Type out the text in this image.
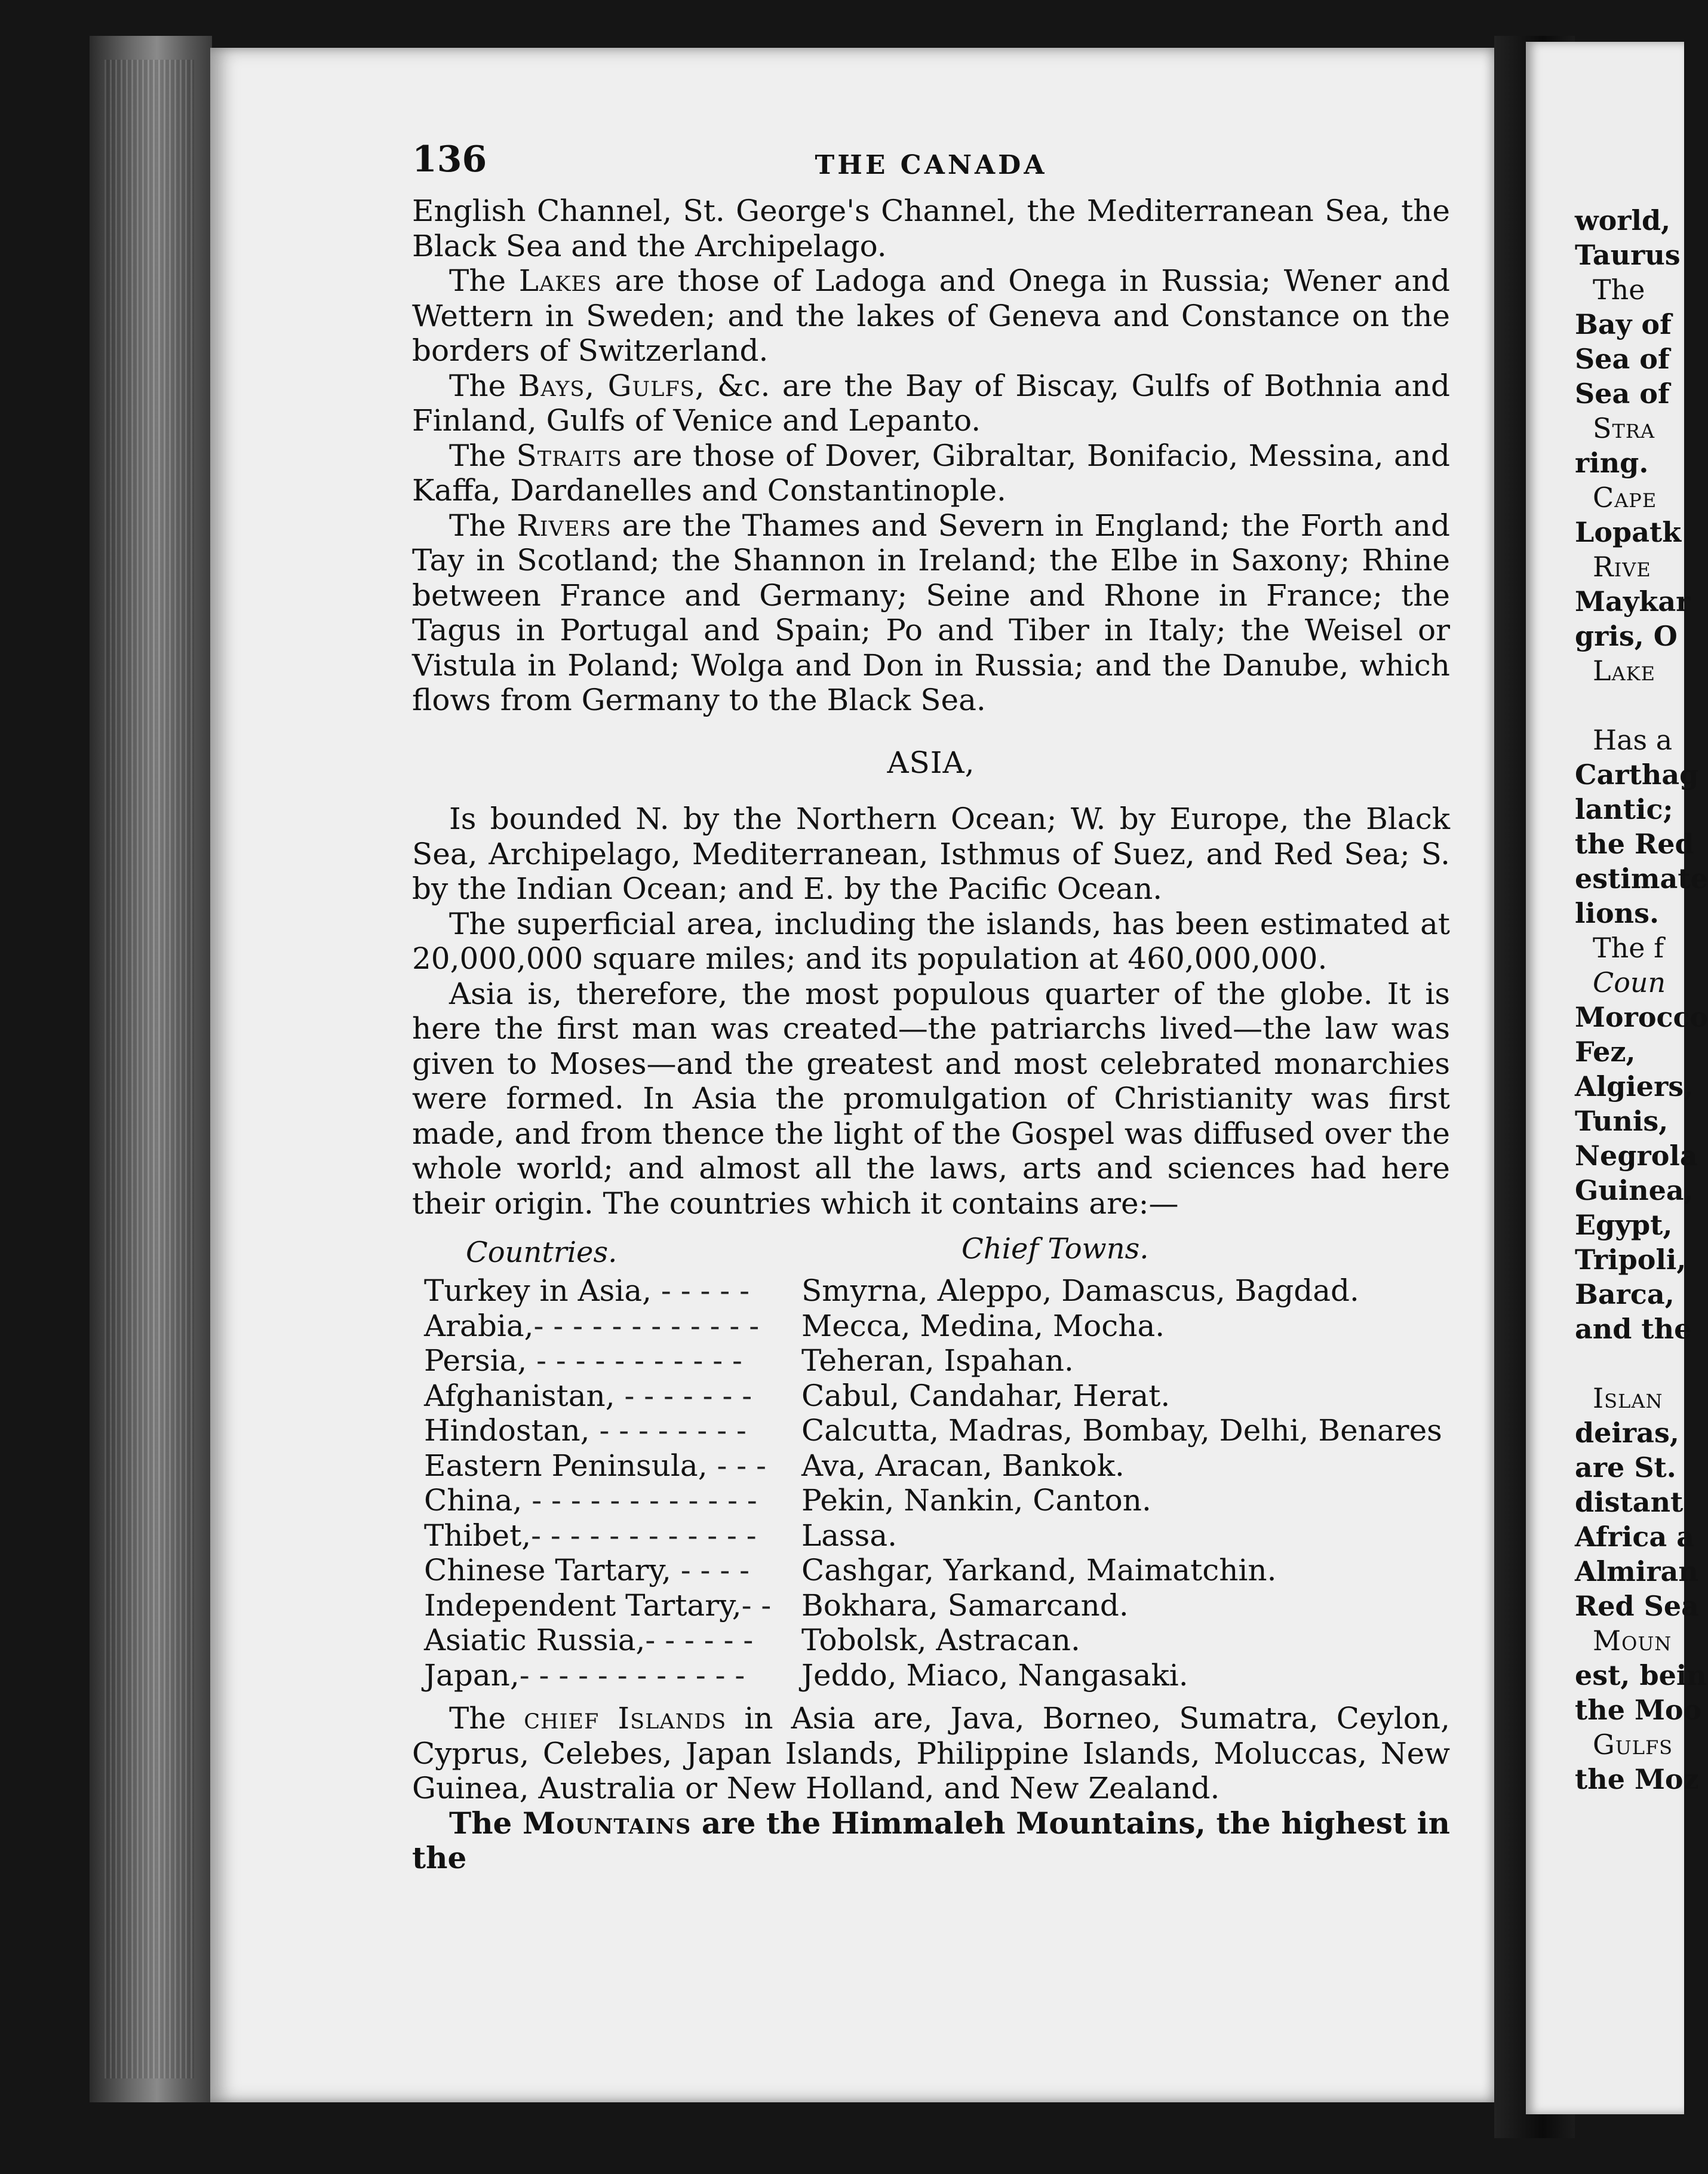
136	THE CANADA

English Channel, St. George's Channel, the Mediterranean Sea, the Black Sea and the Archipelago.

The Lakes are those of Ladoga and Onega in Russia; Wener and Wettern in Sweden; and the lakes of Geneva and Constance on the borders of Switzerland.

The Bays, Gulfs, &c. are the Bay of Biscay, Gulfs of Bothnia and Finland, Gulfs of Venice and Lepanto.

The Straits are those of Dover, Gibraltar, Bonifacio, Messina, and Kaffa, Dardanelles and Constantinople.

The Rivers are the Thames and Severn in England; the Forth and Tay in Scotland; the Shannon in Ireland; the Elbe in Saxony; Rhine between France and Germany; Seine and Rhone in France; the Tagus in Portugal and Spain; Po and Tiber in Italy; the Weisel or Vistula in Poland; Wolga and Don in Russia; and the Danube, which flows from Germany to the Black Sea.

ASIA,

Is bounded N. by the Northern Ocean; W. by Europe, the Black Sea, Archipelago, Mediterranean, Isthmus of Suez, and Red Sea; S. by the Indian Ocean; and E. by the Pacific Ocean.

The superficial area, including the islands, has been estimated at 20,000,000 square miles; and its population at 460,000,000.

Asia is, therefore, the most populous quarter of the globe. It is here the first man was created—the patriarchs lived—the law was given to Moses—and the greatest and most celebrated monarchies were formed. In Asia the promulgation of Christianity was first made, and from thence the light of the Gospel was diffused over the whole world; and almost all the laws, arts and sciences had here their origin. The countries which it contains are:—

Countries.	Chief Towns.
Turkey in Asia, - - - - -	Smyrna, Aleppo, Damascus, Bagdad.
Arabia,- - - - - - - - - - - -	Mecca, Medina, Mocha.
Persia, - - - - - - - - - - -	Teheran, Ispahan.
Afghanistan, - - - - - - -	Cabul, Candahar, Herat.
Hindostan, - - - - - - - -	Calcutta, Madras, Bombay, Delhi, Benares
Eastern Peninsula, - - -	Ava, Aracan, Bankok.
China, - - - - - - - - - - - -	Pekin, Nankin, Canton.
Thibet,- - - - - - - - - - - -	Lassa.
Chinese Tartary, - - - -	Cashgar, Yarkand, Maimatchin.
Independent Tartary,- -	Bokhara, Samarcand.
Asiatic Russia,- - - - - -	Tobolsk, Astracan.
Japan,- - - - - - - - - - - -	Jeddo, Miaco, Nangasaki.

The chief Islands in Asia are, Java, Borneo, Sumatra, Ceylon, Cyprus, Celebes, Japan Islands, Philippine Islands, Moluccas, New Guinea, Australia or New Holland, and New Zealand.

The Mountains are the Himmaleh Mountains, the highest in the

world,
Taurus
The
Bay of
Sea of
Sea of
Stra
ring.
Cape
Lopatk
Rive
Maykar
gris, O
Lake
Has a
Carthag
lantic;
the Red
estimate
lions.
The f
Coun
Morocco
Fez,
Algiers,
Tunis,
Negrola
Guinea,
Egypt,
Tripoli,
Barca,
and the
Islan
deiras,
are St.
distant
Africa a
Almiran
Red Sea
Moun
est, bein
the Moo
Gulfs
the Moz
